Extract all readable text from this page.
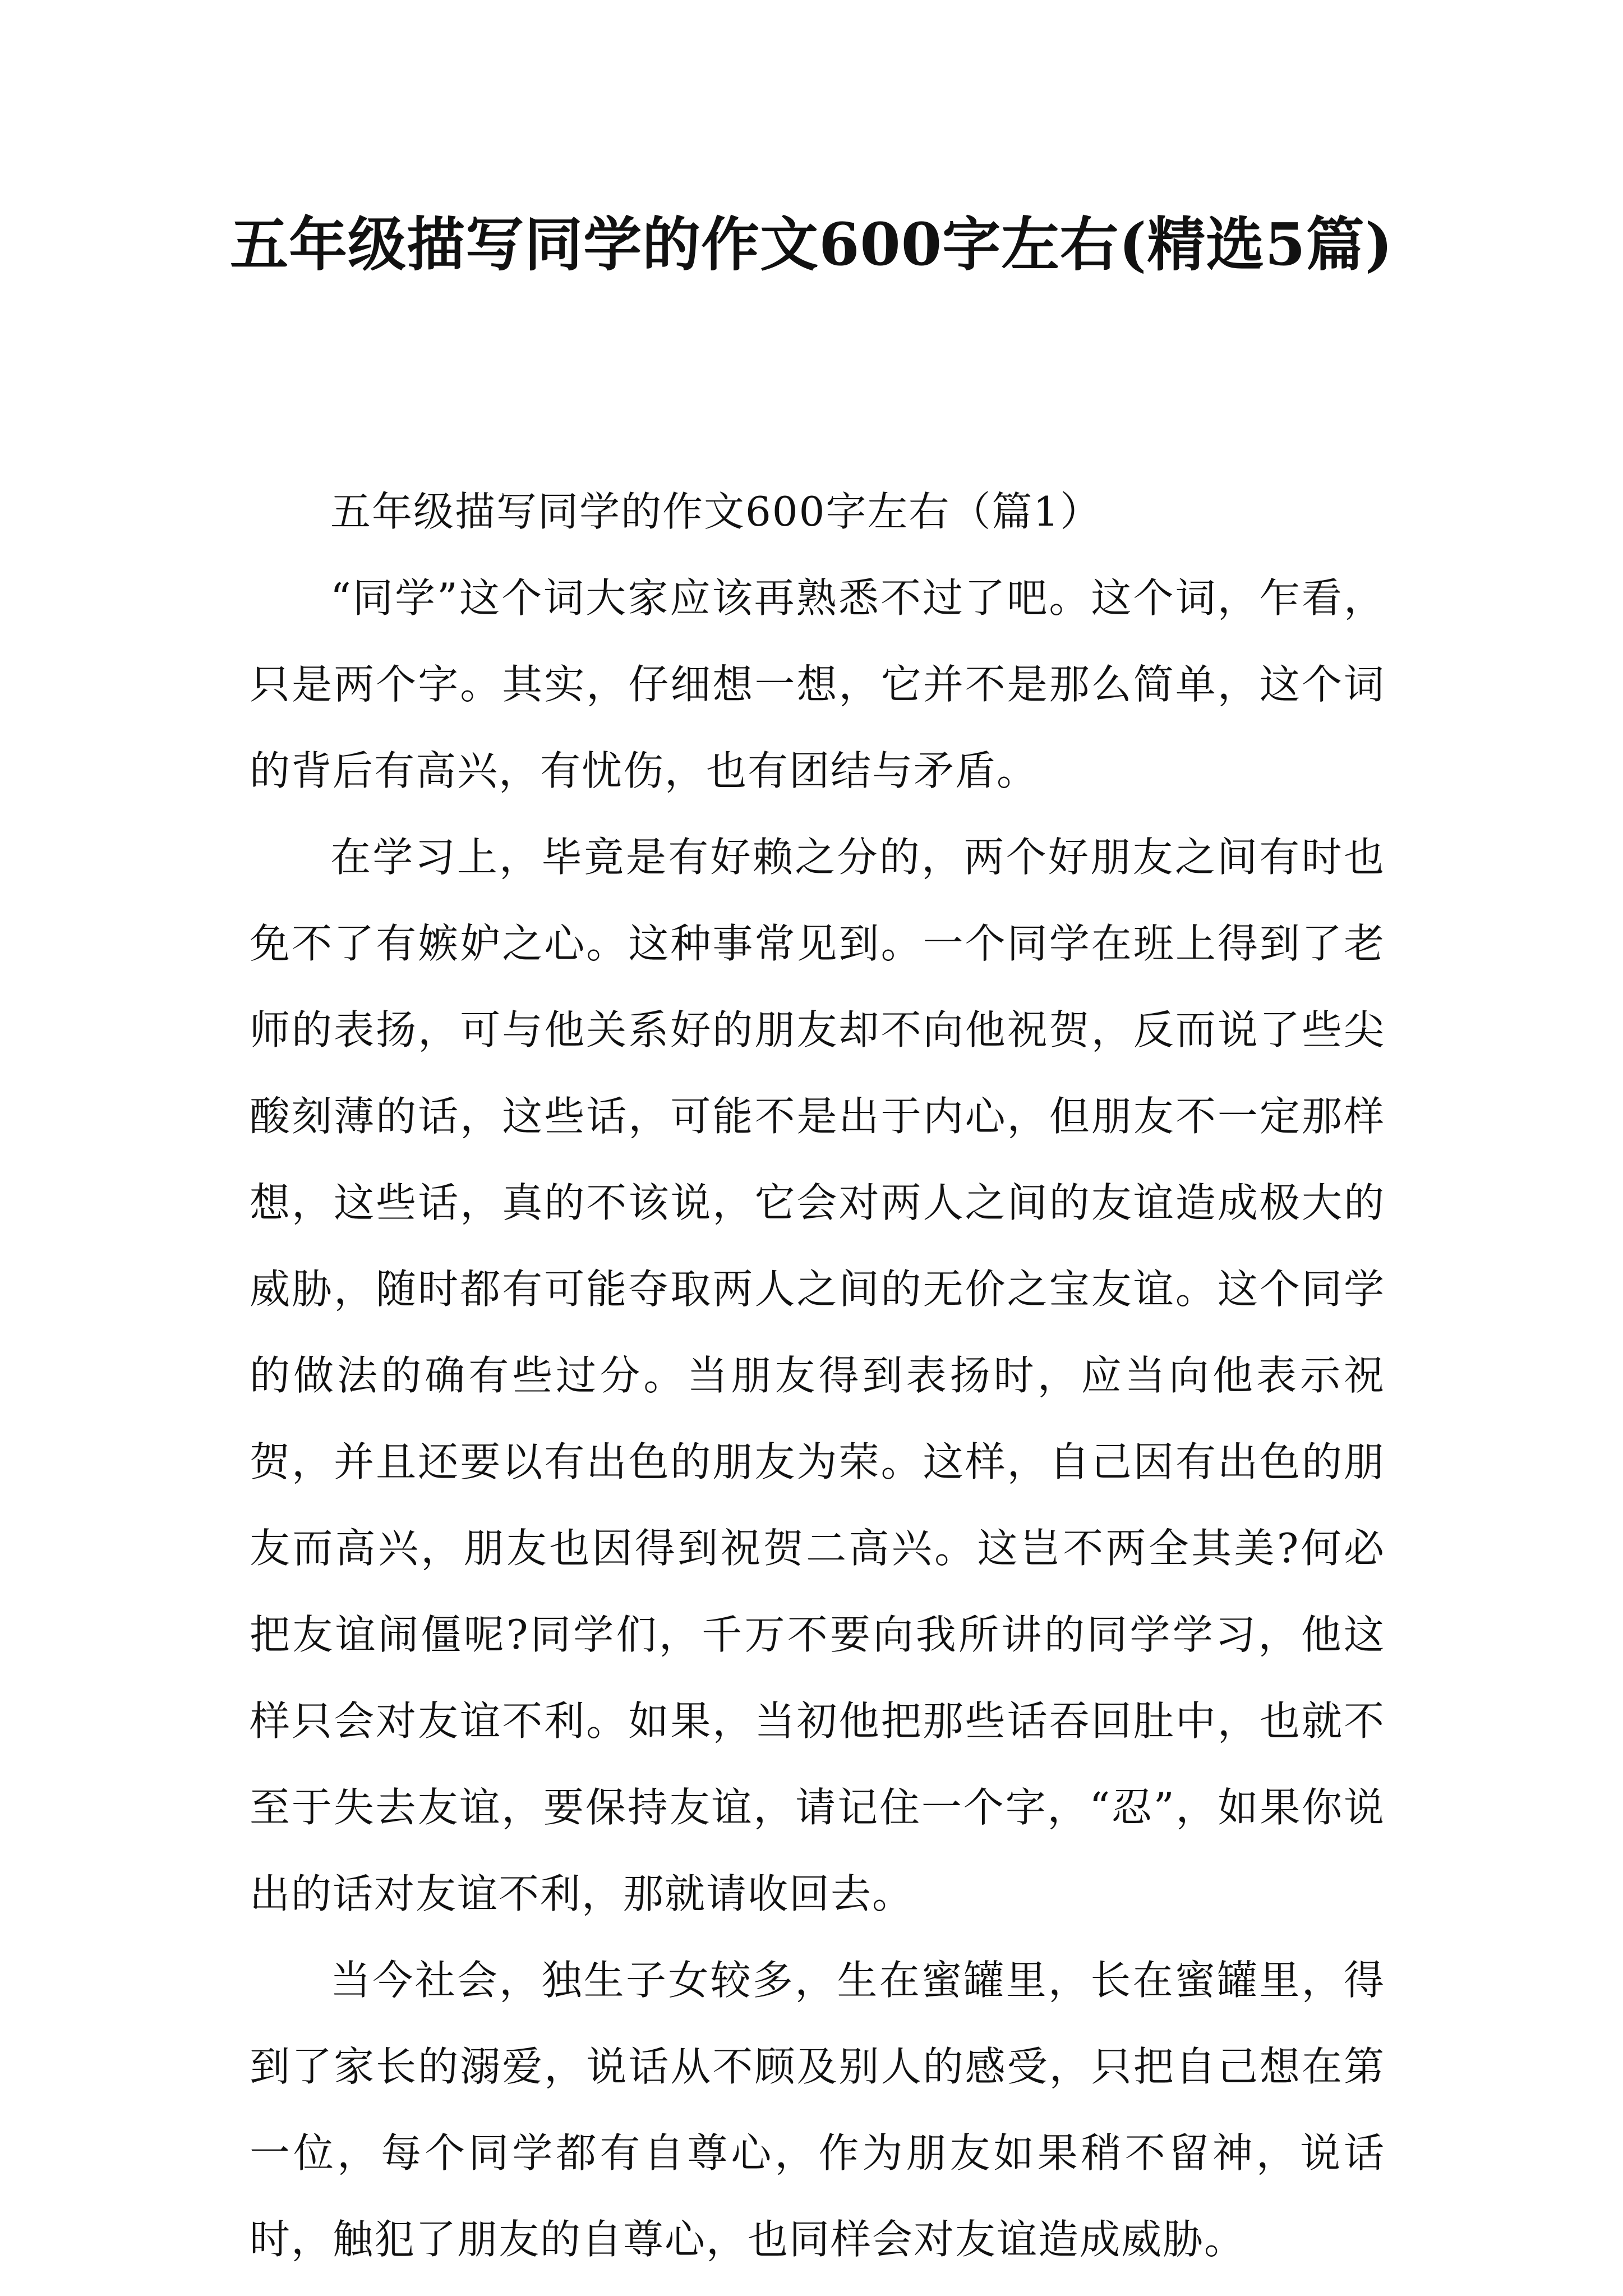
五年级描写同学的作文600字左右(精选5篇)

五年级描写同学的作文600字左右（篇1）

“同学”这个词大家应该再熟悉不过了吧。这个词，乍看，只是两个字。其实，仔细想一想，它并不是那么简单，这个词的背后有高兴，有忧伤，也有团结与矛盾。

在学习上，毕竟是有好赖之分的，两个好朋友之间有时也免不了有嫉妒之心。这种事常见到。一个同学在班上得到了老师的表扬，可与他关系好的朋友却不向他祝贺，反而说了些尖酸刻薄的话，这些话，可能不是出于内心，但朋友不一定那样想，这些话，真的不该说，它会对两人之间的友谊造成极大的威胁，随时都有可能夺取两人之间的无价之宝友谊。这个同学的做法的确有些过分。当朋友得到表扬时，应当向他表示祝贺，并且还要以有出色的朋友为荣。这样，自己因有出色的朋友而高兴，朋友也因得到祝贺二高兴。这岂不两全其美?何必把友谊闹僵呢?同学们，千万不要向我所讲的同学学习，他这样只会对友谊不利。如果，当初他把那些话吞回肚中，也就不至于失去友谊，要保持友谊，请记住一个字，“忍”，如果你说出的话对友谊不利，那就请收回去。

当今社会，独生子女较多，生在蜜罐里，长在蜜罐里，得到了家长的溺爱，说话从不顾及别人的感受，只把自己想在第一位，每个同学都有自尊心，作为朋友如果稍不留神，说话时，触犯了朋友的自尊心，也同样会对友谊造成威胁。
